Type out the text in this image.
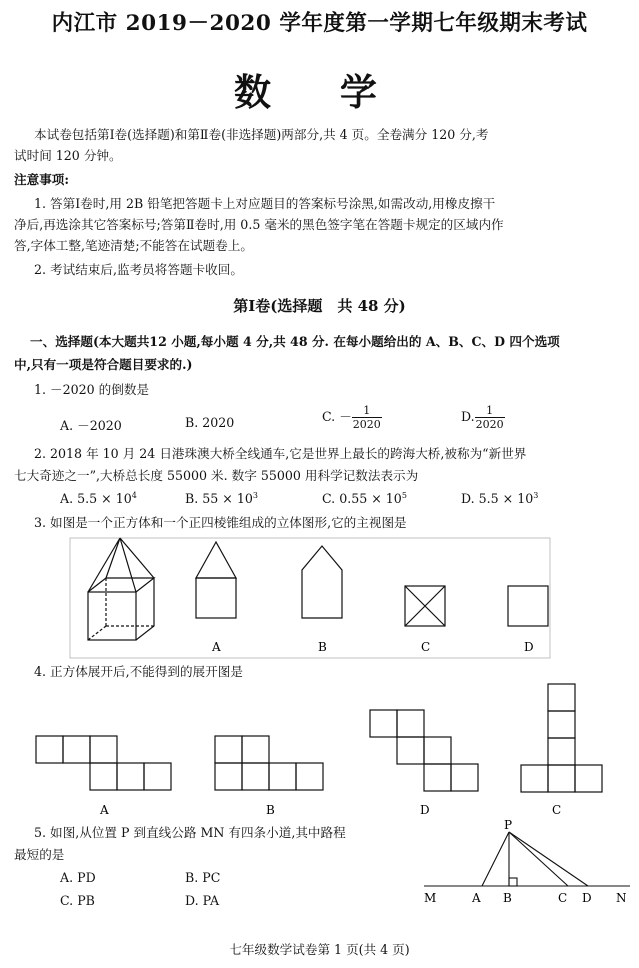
内江市 2019－2020 学年度第一学期七年级期末考试
数 学
本试卷包括第Ⅰ卷(选择题)和第Ⅱ卷(非选择题)两部分,共 4 页。全卷满分 120 分,考
试时间 120 分钟。
注意事项:
1. 答第Ⅰ卷时,用 2B 铅笔把答题卡上对应题目的答案标号涂黑,如需改动,用橡皮擦干
净后,再选涂其它答案标号;答第Ⅱ卷时,用 0.5 毫米的黑色签字笔在答题卡规定的区域内作
答,字体工整,笔迹清楚;不能答在试题卷上。
2. 考试结束后,监考员将答题卡收回。
第Ⅰ卷(选择题　共 48 分)
一、选择题(本大题共12 小题,每小题 4 分,共 48 分. 在每小题给出的 A、B、C、D 四个选项
中,只有一项是符合题目要求的.)
1. －2020 的倒数是
A. －2020	B. 2020	C. － $\frac{1}{2020}$	D. $\frac{1}{2020}$
2. 2018 年 10 月 24 日港珠澳大桥全线通车,它是世界上最长的跨海大桥,被称为“新世界
七大奇迹之一”,大桥总长度 55000 米. 数字 55000 用科学记数法表示为
A. $5.5 \times 10^4$	B. $55 \times 10^3$	C. $0.55 \times 10^5$	D. $5.5 \times 10^3$
3. 如图是一个正方体和一个正四棱锥组成的立体图形,它的主视图是
A	B	C	D
4. 正方体展开后,不能得到的展开图是
A	B	D	C
5. 如图,从位置 P 到直线公路 MN 有四条小道,其中路程
最短的是
A. PD	B. PC
C. PB	D. PA
P
M	A B	C D N
七年级数学试卷第 1 页(共 4 页)
